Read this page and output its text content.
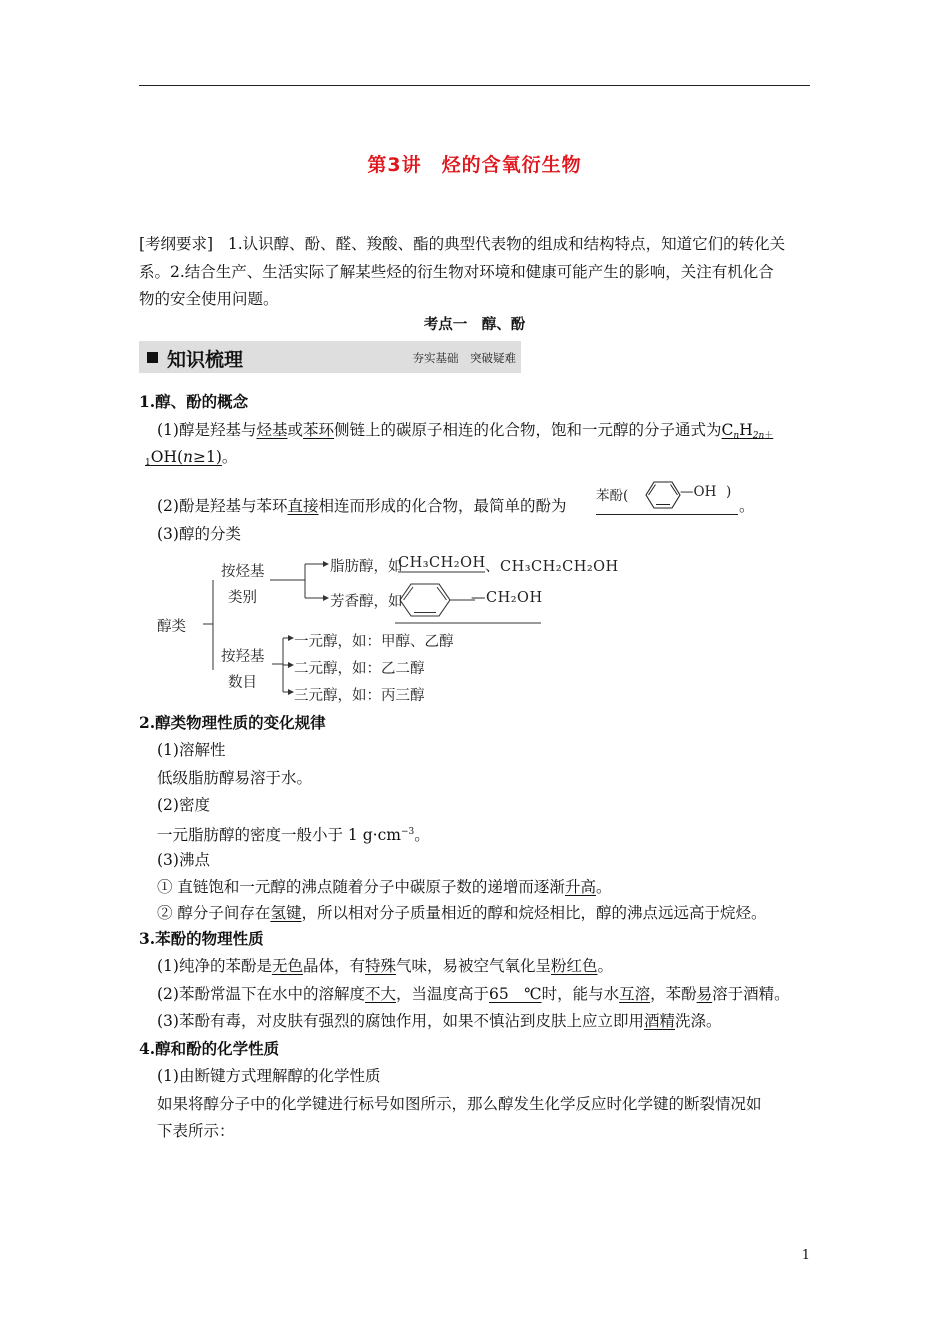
第3讲　烃的含氧衍生物
[考纲要求] 1.认识醇、酚、醛、羧酸、酯的典型代表物的组成和结构特点，知道它们的转化关
系。2.结合生产、生活实际了解某些烃的衍生物对环境和健康可能产生的影响，关注有机化合
物的安全使用问题。
考点一　醇、酚
知识梳理	夯实基础　突破疑难
1.醇、酚的概念
(1)醇是羟基与烃基或苯环侧链上的碳原子相连的化合物，饱和一元醇的分子通式为$C_nH_{2n+}$
$_1$OH(n≥1)。
(2)酚是羟基与苯环直接相连而形成的化合物，最简单的酚为
苯酚(	—OH )
。
(3)醇的分类
醇类
按烃基
类别
脂肪醇，如
CH₃CH₂OH 、CH₃CH₂CH₂OH
芳香醇，如	—CH₂OH
按羟基
数目
一元醇，如：甲醇、乙醇
二元醇，如：乙二醇
三元醇，如：丙三醇
2.醇类物理性质的变化规律
(1)溶解性
低级脂肪醇易溶于水。
(2)密度
一元脂肪醇的密度一般小于 1 $g\cdot cm^{-3}$。
(3)沸点
① 直链饱和一元醇的沸点随着分子中碳原子数的递增而逐渐升高。
② 醇分子间存在氢键，所以相对分子质量相近的醇和烷烃相比，醇的沸点远远高于烷烃。
3.苯酚的物理性质
(1)纯净的苯酚是无色晶体，有特殊气味，易被空气氧化呈粉红色。
(2)苯酚常温下在水中的溶解度不大，当温度高于65　℃时，能与水互溶，苯酚易溶于酒精。
(3)苯酚有毒，对皮肤有强烈的腐蚀作用，如果不慎沾到皮肤上应立即用酒精洗涤。
4.醇和酚的化学性质
(1)由断键方式理解醇的化学性质
如果将醇分子中的化学键进行标号如图所示，那么醇发生化学反应时化学键的断裂情况如
下表所示：
1
